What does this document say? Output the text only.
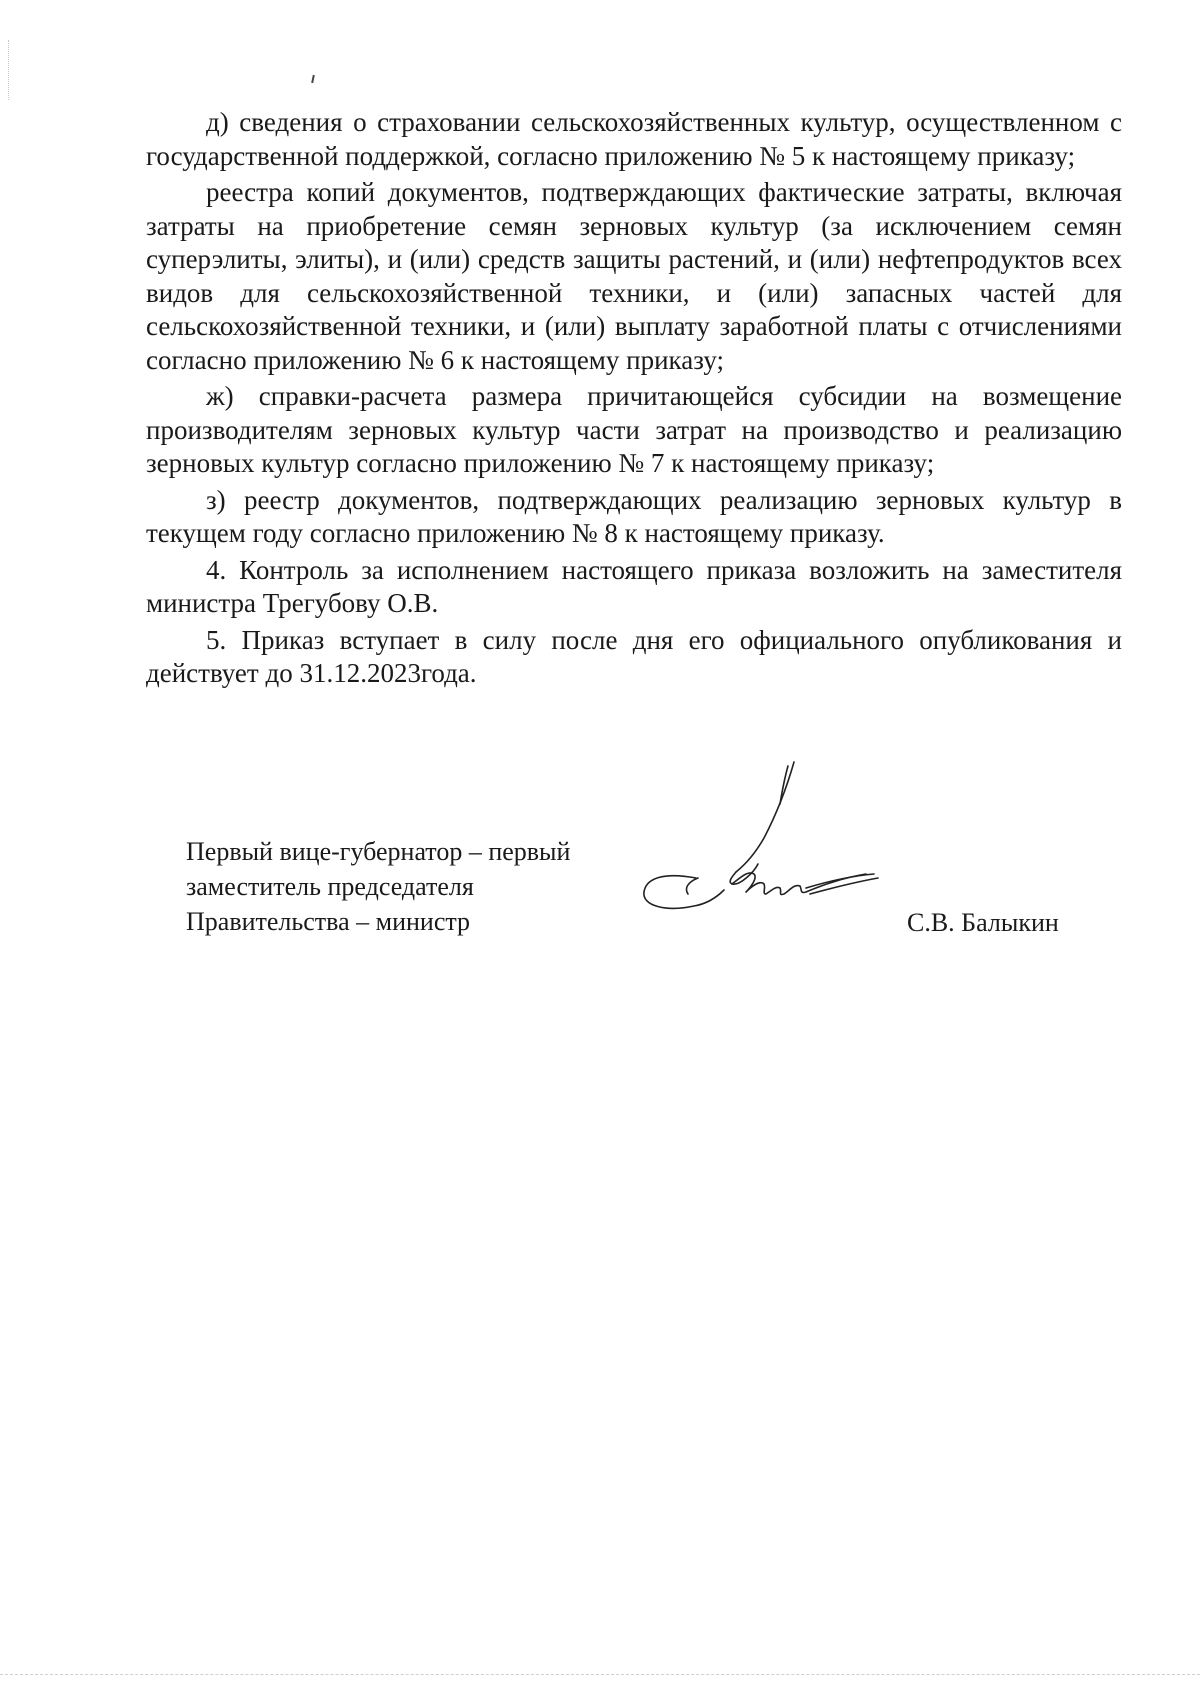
д) сведения о страховании сельскохозяйственных культур, осуществленном с государственной поддержкой, согласно приложению № 5 к настоящему приказу;

реестра копий документов, подтверждающих фактические затраты, включая затраты на приобретение семян зерновых культур (за исключением семян суперэлиты, элиты), и (или) средств защиты растений, и (или) нефтепродуктов всех видов для сельскохозяйственной техники, и (или) запасных частей для сельскохозяйственной техники, и (или) выплату заработной платы с отчислениями согласно приложению № 6 к настоящему приказу;

ж) справки-расчета размера причитающейся субсидии на возмещение производителям зерновых культур части затрат на производство и реализацию зерновых культур согласно приложению № 7 к настоящему приказу;

з) реестр документов, подтверждающих реализацию зерновых культур в текущем году согласно приложению № 8 к настоящему приказу.

4. Контроль за исполнением настоящего приказа возложить на заместителя министра Трегубову О.В.

5. Приказ вступает в силу после дня его официального опубликования и действует до 31.12.2023года.

Первый вице-губернатор – первый
заместитель председателя
Правительства – министр	С.В. Балыкин
